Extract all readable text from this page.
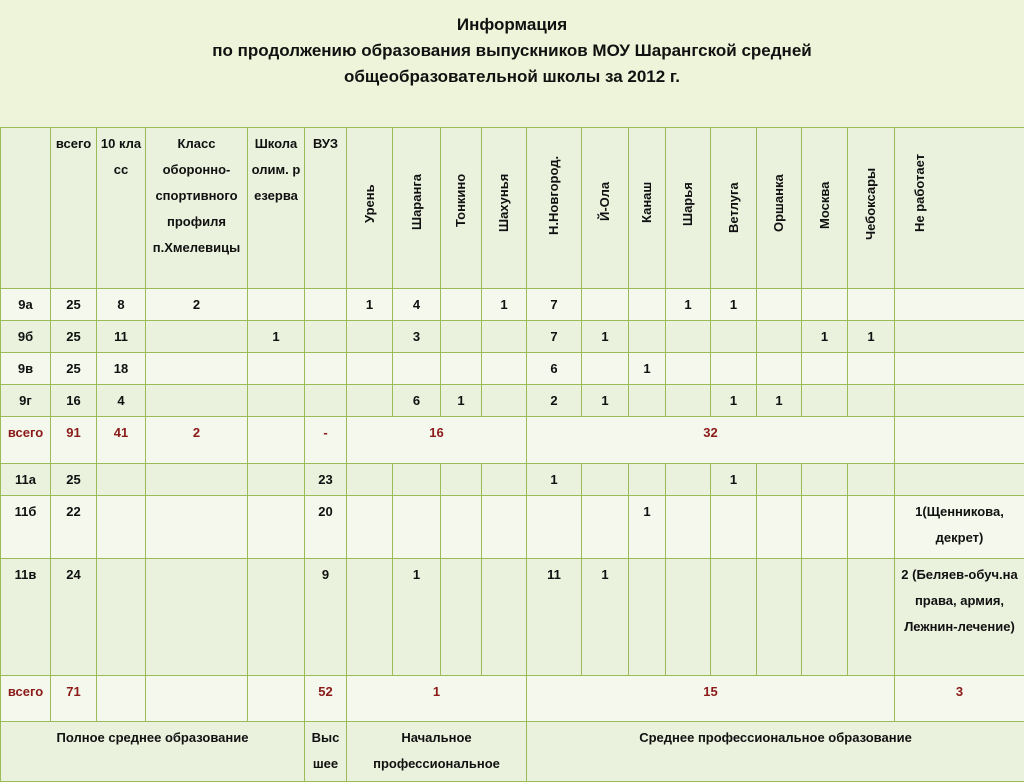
Информация
по продолжению образования выпускников МОУ Шарангской средней
общеобразовательной школы за 2012 г.
	всего	10 класс	Класс оборонно-спортивного профиля п.Хмелевицы	Школа олим. резерва	ВУЗ	Урень	Шаранга	Тонкино	Шахунья	Н.Новгород.	Й-Ола	Канаш	Шарья	Ветлуга	Оршанка	Москва	Чебоксары	Не работает

9а	25	8	2			1	4		1	7			1	1				
9б	25	11		1			3			7	1					1	1	
9в	25	18								6		1						
9г	16	4					6	1		2	1			1	1			
всего	91	41	2		-	16				32								
11а	25				23					1				1				
11б	22				20							1						1(Щенникова, декрет)
11в	24				9		1			11	1							2 (Беляев-обуч.на права, армия, Лежнин-лечение)
всего	71				52	1				15								3
Полное среднее образование					Высшее	Начальное профессиональное				Среднее профессиональное образование								
